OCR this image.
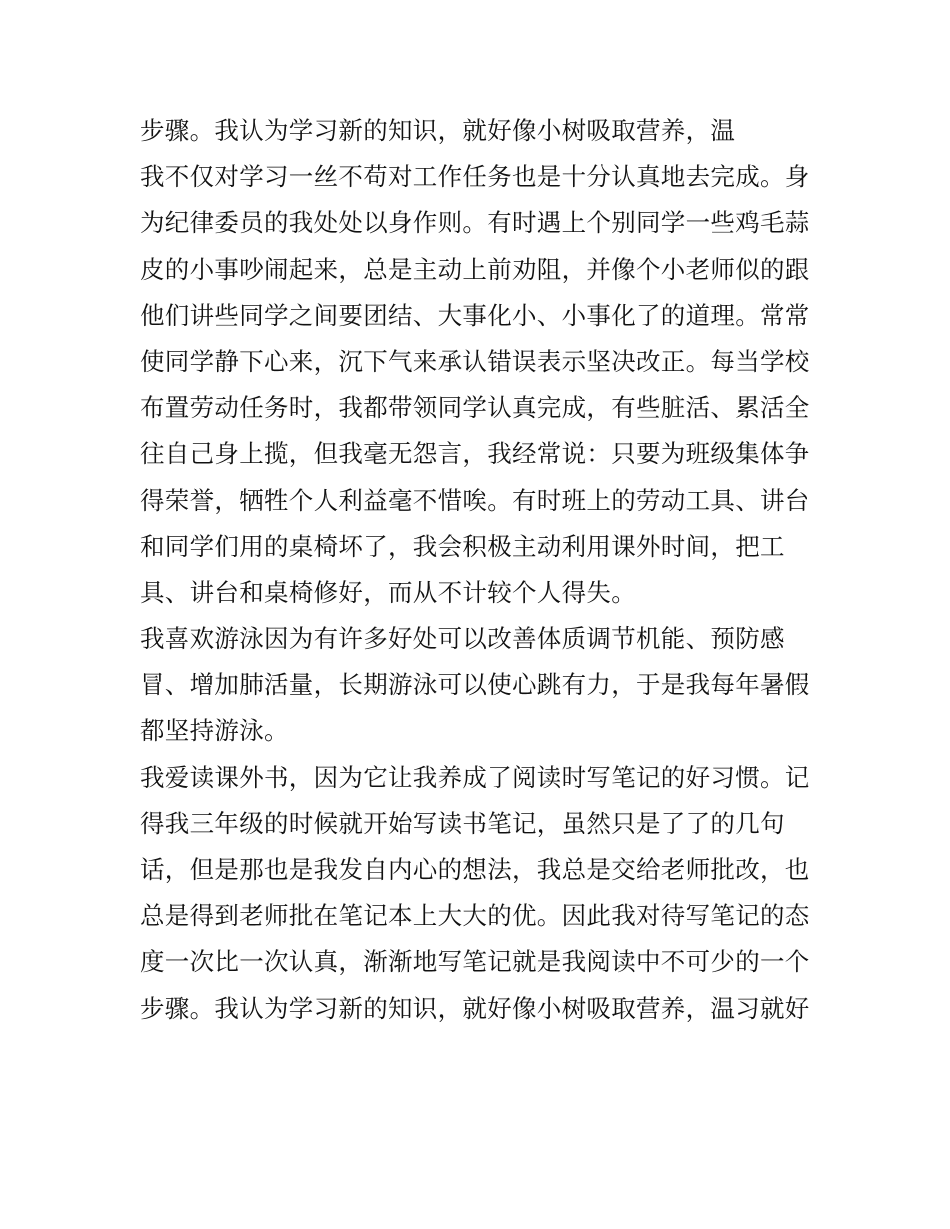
步骤。我认为学习新的知识，就好像小树吸取营养，温
我不仅对学习一丝不苟对工作任务也是十分认真地去完成。身
为纪律委员的我处处以身作则。有时遇上个别同学一些鸡毛蒜
皮的小事吵闹起来，总是主动上前劝阻，并像个小老师似的跟
他们讲些同学之间要团结、大事化小、小事化了的道理。常常
使同学静下心来，沉下气来承认错误表示坚决改正。每当学校
布置劳动任务时，我都带领同学认真完成，有些脏活、累活全
往自己身上揽，但我毫无怨言，我经常说：只要为班级集体争
得荣誉，牺牲个人利益毫不惜唉。有时班上的劳动工具、讲台
和同学们用的桌椅坏了，我会积极主动利用课外时间，把工
具、讲台和桌椅修好，而从不计较个人得失。
我喜欢游泳因为有许多好处可以改善体质调节机能、预防感
冒、增加肺活量，长期游泳可以使心跳有力，于是我每年暑假
都坚持游泳。
我爱读课外书，因为它让我养成了阅读时写笔记的好习惯。记
得我三年级的时候就开始写读书笔记，虽然只是了了的几句
话，但是那也是我发自内心的想法，我总是交给老师批改，也
总是得到老师批在笔记本上大大的优。因此我对待写笔记的态
度一次比一次认真，渐渐地写笔记就是我阅读中不可少的一个
步骤。我认为学习新的知识，就好像小树吸取营养，温习就好
